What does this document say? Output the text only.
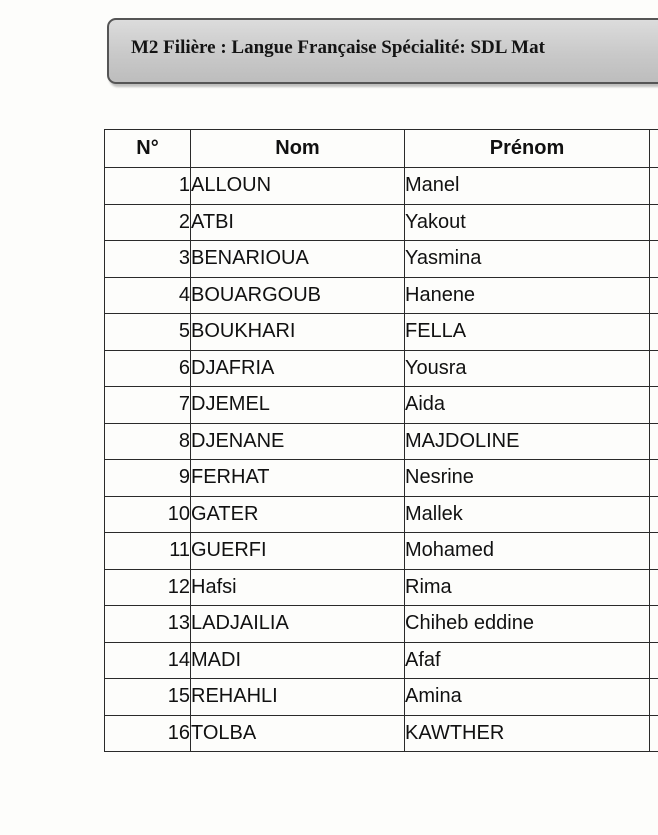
M2 Filière : Langue Française Spécialité: SDL Mat
N°	Nom	Prénom	
1	ALLOUN	Manel	
2	ATBI	Yakout	
3	BENARIOUA	Yasmina	
4	BOUARGOUB	Hanene	
5	BOUKHARI	FELLA	
6	DJAFRIA	Yousra	
7	DJEMEL	Aida	
8	DJENANE	MAJDOLINE	
9	FERHAT	Nesrine	
10	GATER	Mallek	
11	GUERFI	Mohamed	
12	Hafsi	Rima	
13	LADJAILIA	Chiheb eddine	
14	MADI	Afaf	
15	REHAHLI	Amina	
16	TOLBA	KAWTHER	
